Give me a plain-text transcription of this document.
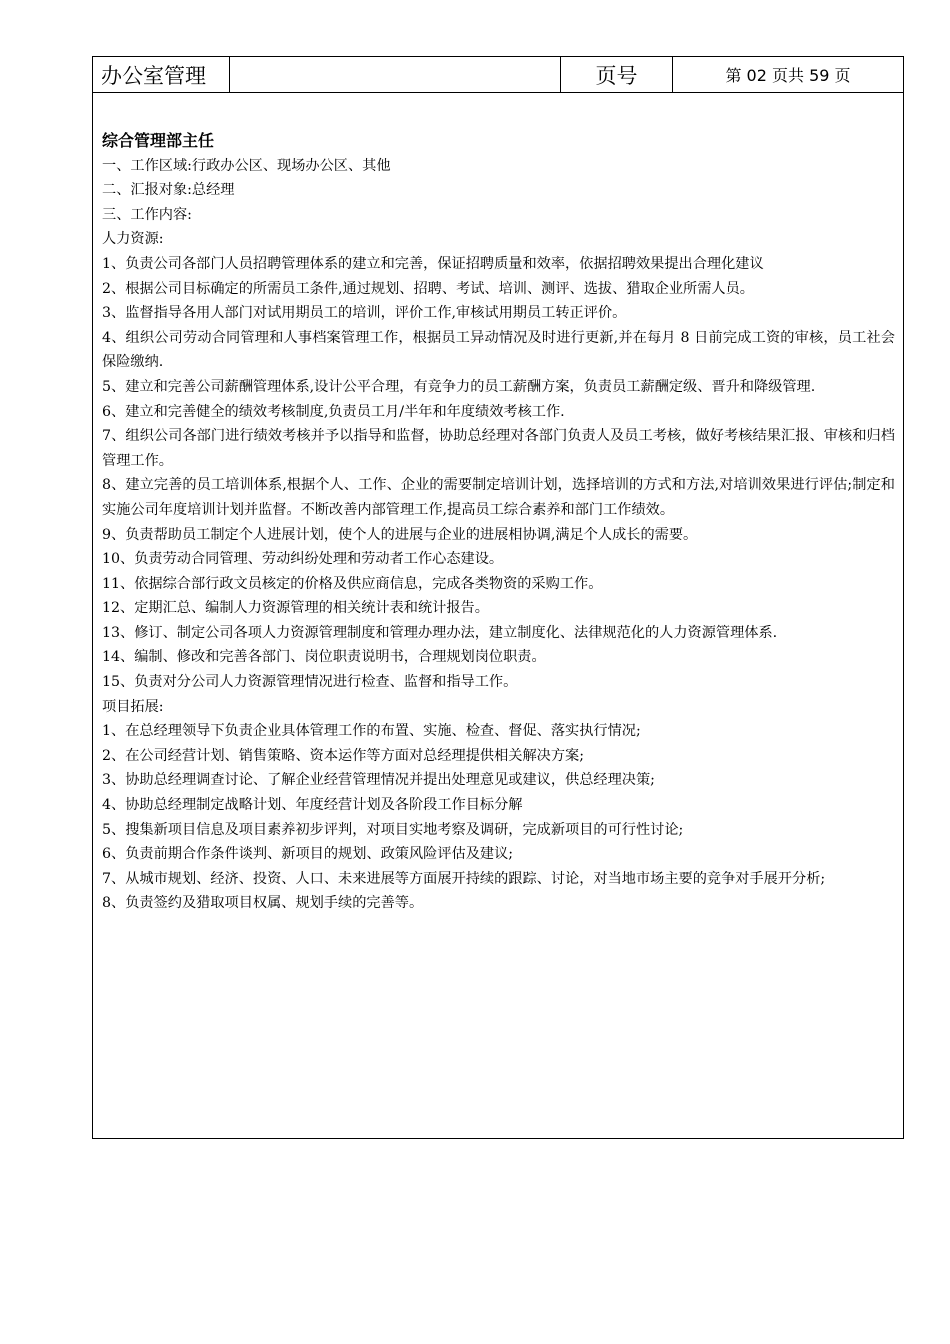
办公室管理	页号	第 02 页共 59 页

综合管理部主任

一、工作区域:行政办公区、现场办公区、其他

二、汇报对象:总经理

三、工作内容:

人力资源:

1、负责公司各部门人员招聘管理体系的建立和完善，保证招聘质量和效率，依据招聘效果提出合理化建议

2、根据公司目标确定的所需员工条件,通过规划、招聘、考试、培训、测评、选拔、猎取企业所需人员。

3、监督指导各用人部门对试用期员工的培训，评价工作,审核试用期员工转正评价。

4、组织公司劳动合同管理和人事档案管理工作，根据员工异动情况及时进行更新,并在每月 8 日前完成工资的审核，员工社会保险缴纳.

5、建立和完善公司薪酬管理体系,设计公平合理，有竞争力的员工薪酬方案，负责员工薪酬定级、晋升和降级管理.

6、建立和完善健全的绩效考核制度,负责员工月/半年和年度绩效考核工作.

7、组织公司各部门进行绩效考核并予以指导和监督，协助总经理对各部门负责人及员工考核，做好考核结果汇报、审核和归档管理工作。

8、建立完善的员工培训体系,根据个人、工作、企业的需要制定培训计划，选择培训的方式和方法,对培训效果进行评估;制定和实施公司年度培训计划并监督。不断改善内部管理工作,提高员工综合素养和部门工作绩效。

9、负责帮助员工制定个人进展计划，使个人的进展与企业的进展相协调,满足个人成长的需要。

10、负责劳动合同管理、劳动纠纷处理和劳动者工作心态建设。

11、依据综合部行政文员核定的价格及供应商信息，完成各类物资的采购工作。

12、定期汇总、编制人力资源管理的相关统计表和统计报告。

13、修订、制定公司各项人力资源管理制度和管理办理办法，建立制度化、法律规范化的人力资源管理体系.

14、编制、修改和完善各部门、岗位职责说明书，合理规划岗位职责。

15、负责对分公司人力资源管理情况进行检查、监督和指导工作。

项目拓展:

1、在总经理领导下负责企业具体管理工作的布置、实施、检查、督促、落实执行情况;

2、在公司经营计划、销售策略、资本运作等方面对总经理提供相关解决方案;

3、协助总经理调查讨论、了解企业经营管理情况并提出处理意见或建议，供总经理决策;

4、协助总经理制定战略计划、年度经营计划及各阶段工作目标分解

5、搜集新项目信息及项目素养初步评判，对项目实地考察及调研，完成新项目的可行性讨论;

6、负责前期合作条件谈判、新项目的规划、政策风险评估及建议;

7、从城市规划、经济、投资、人口、未来进展等方面展开持续的跟踪、讨论，对当地市场主要的竞争对手展开分析;

8、负责签约及猎取项目权属、规划手续的完善等。
